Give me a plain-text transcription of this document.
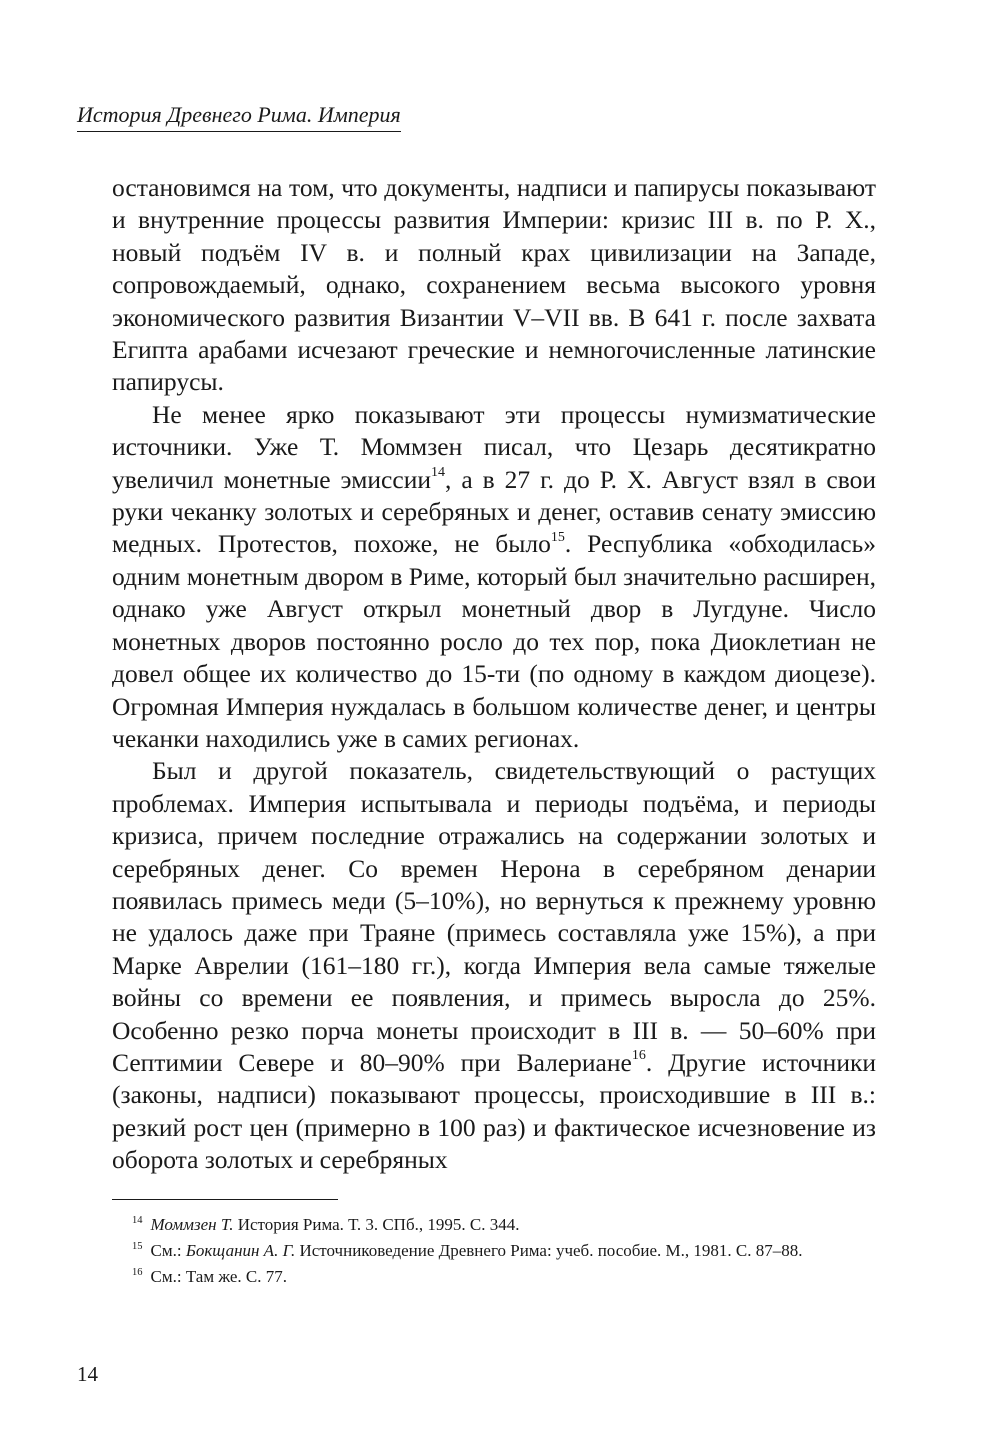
История Древнего Рима. Империя

остановимся на том, что документы, надписи и папирусы показывают и внутренние процессы развития Империи: кризис III в. по Р. Х., новый подъём IV в. и полный крах цивилизации на Западе, сопровождаемый, однако, сохранением весьма высокого уровня экономического развития Византии V–VII вв. В 641 г. после захвата Египта арабами исчезают греческие и немногочисленные латинские папирусы.

Не менее ярко показывают эти процессы нумизматические источники. Уже Т. Моммзен писал, что Цезарь десятикратно увеличил монетные эмиссии$^{14}$, а в 27 г. до Р. Х. Август взял в свои руки чеканку золотых и серебряных и денег, оставив сенату эмиссию медных. Протестов, похоже, не было$^{15}$. Республика «обходилась» одним монетным двором в Риме, который был значительно расширен, однако уже Август открыл монетный двор в Лугдуне. Число монетных дворов постоянно росло до тех пор, пока Диоклетиан не довел общее их количество до 15-ти (по одному в каждом диоцезе). Огромная Империя нуждалась в большом количестве денег, и центры чеканки находились уже в самих регионах.

Был и другой показатель, свидетельствующий о растущих проблемах. Империя испытывала и периоды подъёма, и периоды кризиса, причем последние отражались на содержании золотых и серебряных денег. Со времен Нерона в серебряном денарии появилась примесь меди (5–10%), но вернуться к прежнему уровню не удалось даже при Траяне (примесь составляла уже 15%), а при Марке Аврелии (161–180 гг.), когда Империя вела самые тяжелые войны со времени ее появления, и примесь выросла до 25%. Особенно резко порча монеты происходит в III в. — 50–60% при Септимии Севере и 80–90% при Валериане$^{16}$. Другие источники (законы, надписи) показывают процессы, происходившие в III в.: резкий рост цен (примерно в 100 раз) и фактическое исчезновение из оборота золотых и серебряных

$^{14}$ Моммзен Т. История Рима. Т. 3. СПб., 1995. С. 344.

$^{15}$ См.: Бокщанин А. Г. Источниковедение Древнего Рима: учеб. пособие. М., 1981. С. 87–88.

$^{16}$ См.: Там же. С. 77.

14
